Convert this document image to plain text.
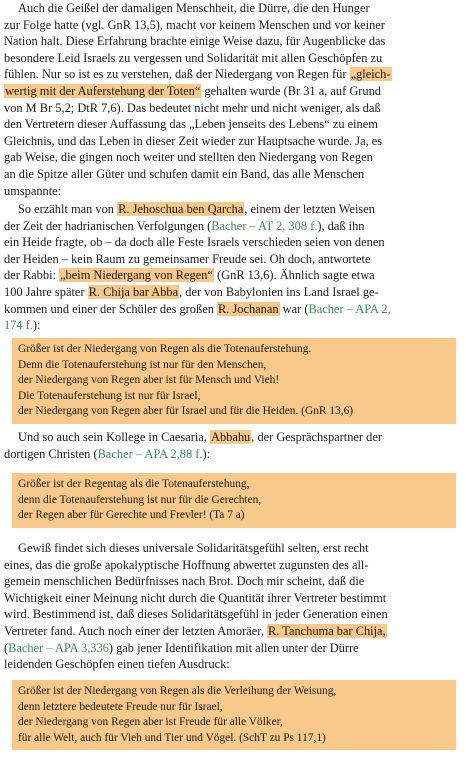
Auch die Geißel der damaligen Menschheit, die Dürre, die den Hunger
zur Folge hatte (vgl. GnR 13,5), macht vor keinem Menschen und vor keiner
Nation halt. Diese Erfahrung brachte einige Weise dazu, für Augenblicke das
besondere Leid Israels zu vergessen und Solidarität mit allen Geschöpfen zu
fühlen. Nur so ist es zu verstehen, daß der Niedergang von Regen für „gleich-
wertig mit der Auferstehung der Toten“ gehalten wurde (Br 31 a, auf Grund
von M Br 5,2; DtR 7,6). Das bedeutet nicht mehr und nicht weniger, als daß
den Vertretern dieser Auffassung das „Leben jenseits des Lebens“ zu einem
Gleichnis, und das Leben in dieser Zeit wieder zur Hauptsache wurde. Ja, es
gab Weise, die gingen noch weiter und stellten den Niedergang von Regen
an die Spitze aller Güter und schufen damit ein Band, das alle Menschen
umspannte:
So erzählt man von R. Jehoschua ben Qarcha, einem der letzten Weisen
der Zeit der hadrianischen Verfolgungen (Bacher – AT 2, 308 f.), daß ihn
ein Heide fragte, ob – da doch alle Feste Israels verschieden seien von denen
der Heiden – kein Raum zu gemeinsamer Freude sei. Oh doch, antwortete
der Rabbi: „beim Niedergang von Regen“ (GnR 13,6). Ähnlich sagte etwa
100 Jahre später R. Chija bar Abba, der von Babylonien ins Land Israel ge-
kommen und einer der Schüler des großen R. Jochanan war (Bacher – APA 2,
174 f.):
Größer ist der Niedergang von Regen als die Totenauferstehung.
Denn die Totenauferstehung ist nur für den Menschen,
der Niedergang von Regen aber ist für Mensch und Vieh!
Die Totenauferstehung ist nur für Israel,
der Niedergang von Regen aber für Israel und für die Heiden. (GnR 13,6)
Und so auch sein Kollege in Caesaria, Abbahu, der Gesprächspartner der
dortigen Christen (Bacher – APA 2,88 f.):
Größer ist der Regentag als die Totenauferstehung,
denn die Totenauferstehung ist nur für die Gerechten,
der Regen aber für Gerechte und Frevler! (Ta 7 a)
Gewiß findet sich dieses universale Solidaritätsgefühl selten, erst recht
eines, das die große apokalyptische Hoffnung abwertet zugunsten des all-
gemein menschlichen Bedürfnisses nach Brot. Doch mir scheint, daß die
Wichtigkeit einer Meinung nicht durch die Quantität ihrer Vertreter bestimmt
wird. Bestimmend ist, daß dieses Solidaritätsgefühl in jeder Generation einen
Vertreter fand. Auch noch einer der letzten Amoräer, R. Tanchuma bar Chija,
(Bacher – APA 3,336) gab jener Identifikation mit allen unter der Dürre
leidenden Geschöpfen einen tiefen Ausdruck:
Größer ist der Niedergang von Regen als die Verleihung der Weisung,
denn letztere bedeutete Freude nur für Israel,
der Niedergang von Regen aber ist Freude für alle Völker,
für alle Welt, auch für Vieh und Tier und Vögel. (SchT zu Ps 117,1)
